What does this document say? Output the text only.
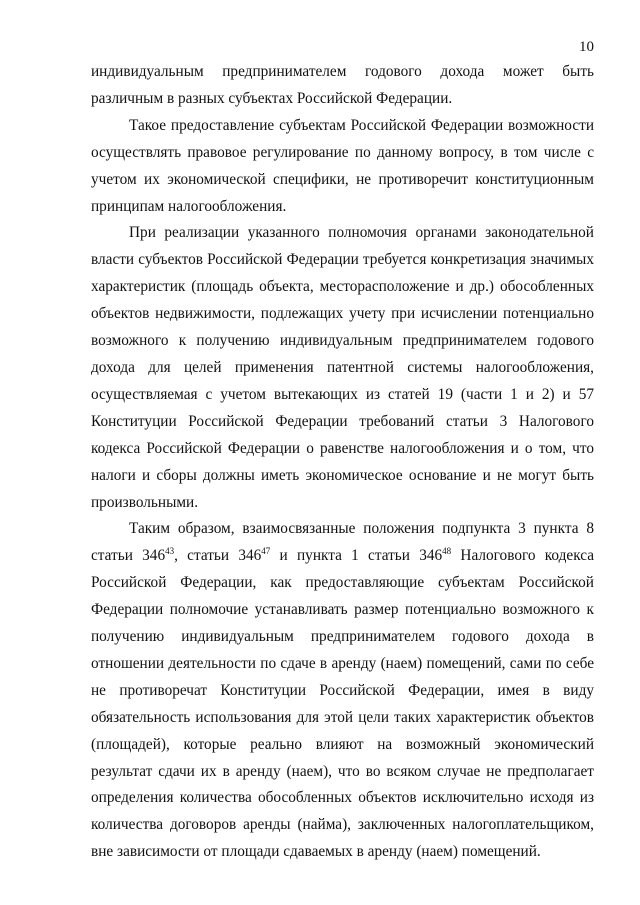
10

индивидуальным предпринимателем годового дохода может быть различным в разных субъектах Российской Федерации.

Такое предоставление субъектам Российской Федерации возможности осуществлять правовое регулирование по данному вопросу, в том числе с учетом их экономической специфики, не противоречит конституционным принципам налогообложения.

При реализации указанного полномочия органами законодательной власти субъектов Российской Федерации требуется конкретизация значимых характеристик (площадь объекта, месторасположение и др.) обособленных объектов недвижимости, подлежащих учету при исчислении потенциально возможного к получению индивидуальным предпринимателем годового дохода для целей применения патентной системы налогообложения, осуществляемая с учетом вытекающих из статей 19 (части 1 и 2) и 57 Конституции Российской Федерации требований статьи 3 Налогового кодекса Российской Федерации о равенстве налогообложения и о том, что налоги и сборы должны иметь экономическое основание и не могут быть произвольными.

Таким образом, взаимосвязанные положения подпункта 3 пункта 8 статьи $346^{43}$, статьи $346^{47}$ и пункта 1 статьи $346^{48}$ Налогового кодекса Российской Федерации, как предоставляющие субъектам Российской Федерации полномочие устанавливать размер потенциально возможного к получению индивидуальным предпринимателем годового дохода в отношении деятельности по сдаче в аренду (наем) помещений, сами по себе не противоречат Конституции Российской Федерации, имея в виду обязательность использования для этой цели таких характеристик объектов (площадей), которые реально влияют на возможный экономический результат сдачи их в аренду (наем), что во всяком случае не предполагает определения количества обособленных объектов исключительно исходя из количества договоров аренды (найма), заключенных налогоплательщиком, вне зависимости от площади сдаваемых в аренду (наем) помещений.
